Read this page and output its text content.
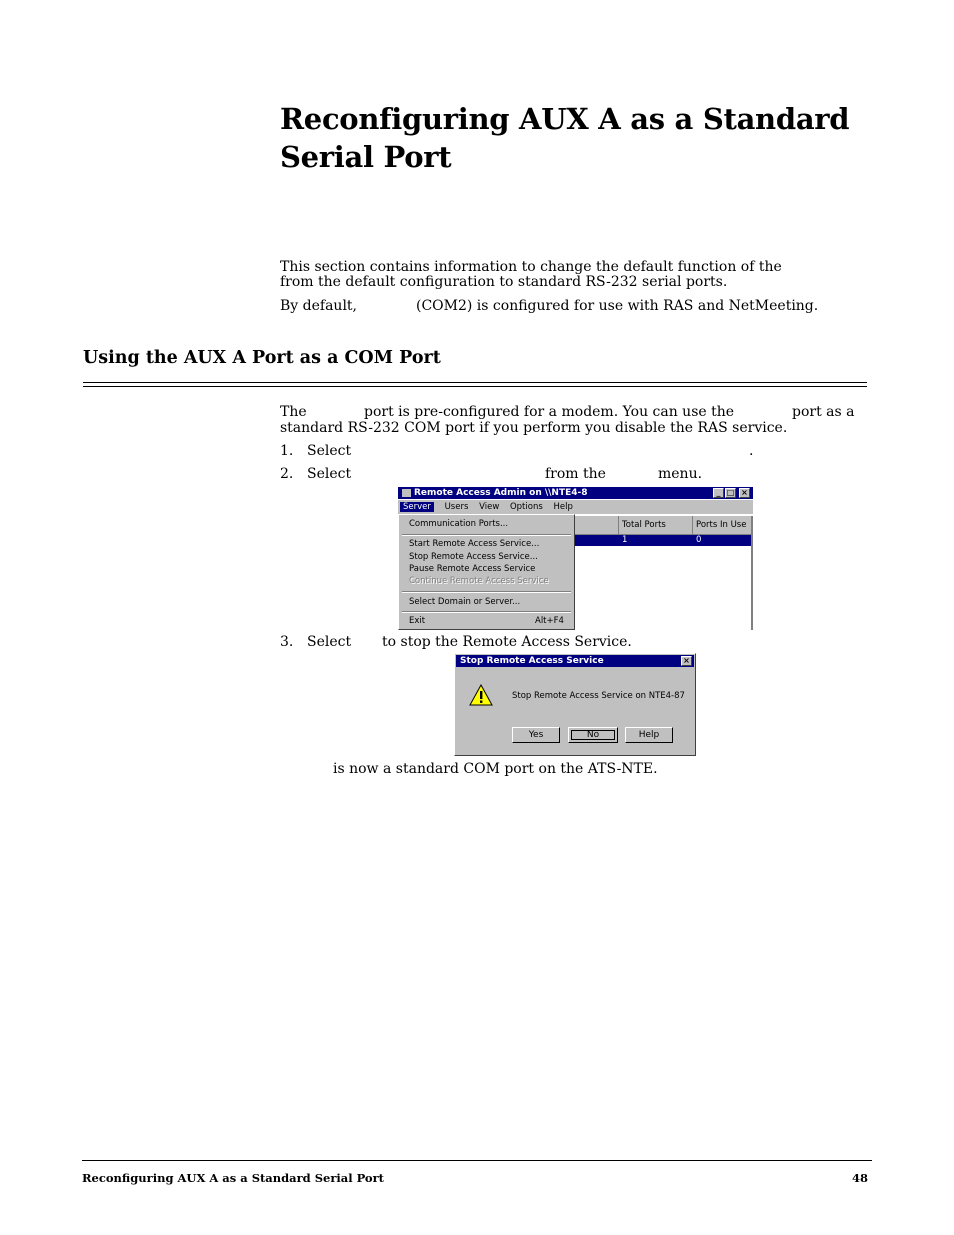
Reconfiguring AUX A as a Standard
Serial Port
This section contains information to change the default function of the
from the default configuration to standard RS-232 serial ports.
By default,	(COM2) is configured for use with RAS and NetMeeting.
Using the AUX A Port as a COM Port
The	port is pre-configured for a modem. You can use the	port as a
standard RS-232 COM port if you perform you disable the RAS service.
1. Select	.
2. Select	from the	menu.
Remote Access Admin on \\NTE4-8	_ □ ×
Server Users View Options Help
Total Ports	Ports In Use
1	0
Communication Ports...
Start Remote Access Service...
Stop Remote Access Service...
Pause Remote Access Service
Continue Remote Access Service
Select Domain or Server...
Exit	Alt+F4
3. Select to stop the Remote Access Service.
Stop Remote Access Service	×
Stop Remote Access Service on NTE4-87
Yes	No	Help
is now a standard COM port on the ATS-NTE.
Reconfiguring AUX A as a Standard Serial Port	48
